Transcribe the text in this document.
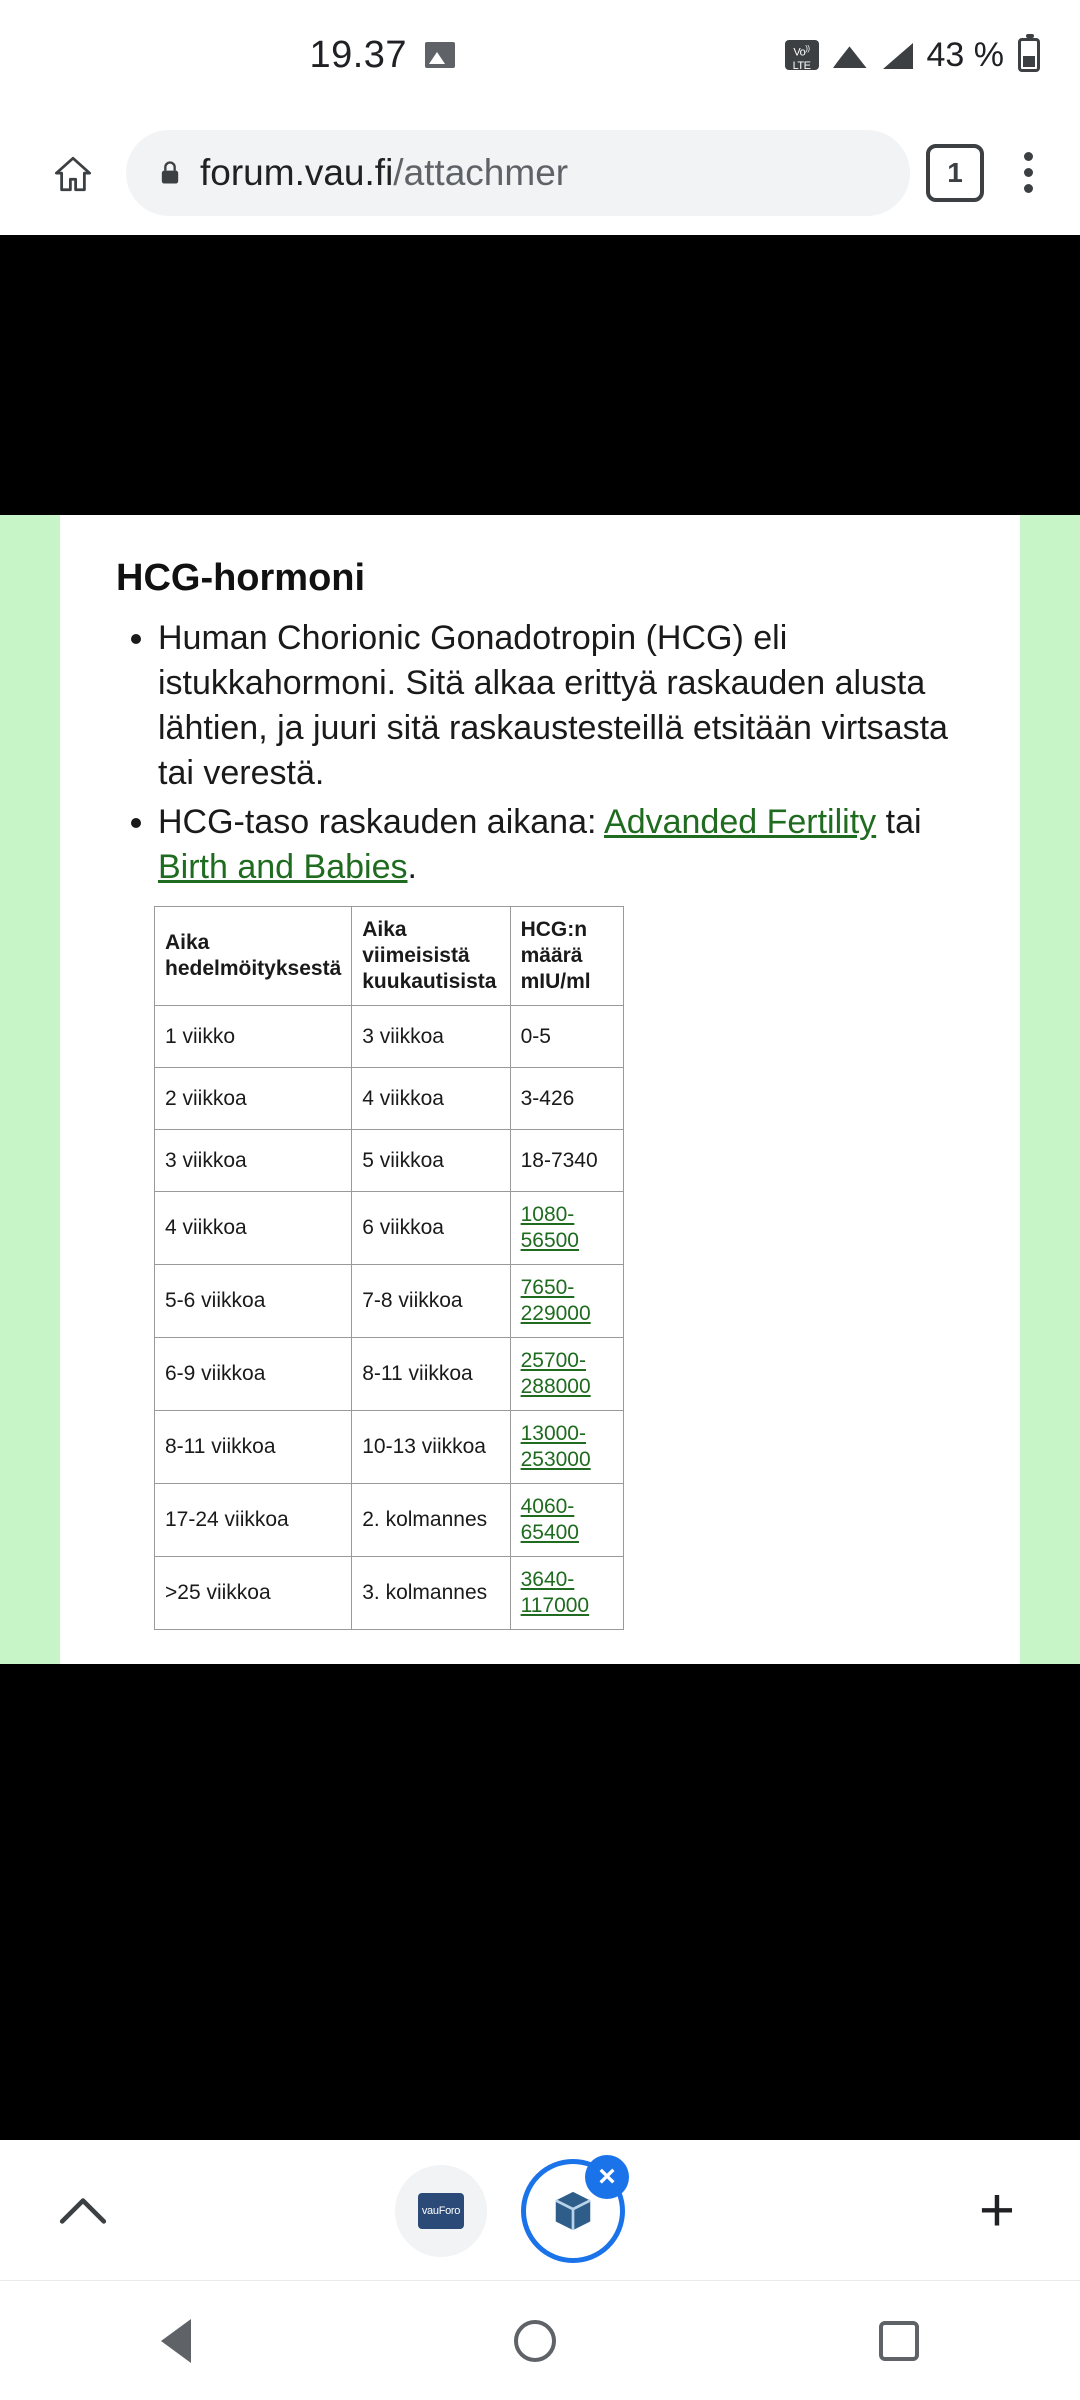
19.37	Vo))
LTE	43 %
forum.vau.fi/attachmer	1
HCG-hormoni
• Human Chorionic Gonadotropin (HCG) eli istukkahormoni. Sitä alkaa erittyä raskauden alusta lähtien, ja juuri sitä raskaustesteillä etsitään virtsasta tai verestä.
• HCG-taso raskauden aikana: Advanded Fertility tai Birth and Babies.
Aika hedelmöityksestä	Aika viimeisistä kuukautisista	HCG:n määrä mIU/ml
1 viikko	3 viikkoa	0-5
2 viikkoa	4 viikkoa	3-426
3 viikkoa	5 viikkoa	18-7340
4 viikkoa	6 viikkoa	1080-56500
5-6 viikkoa	7-8 viikkoa	7650-229000
6-9 viikkoa	8-11 viikkoa	25700-288000
8-11 viikkoa	10-13 viikkoa	13000-253000
17-24 viikkoa	2. kolmannes	4060-65400
>25 viikkoa	3. kolmannes	3640-117000
vauForo
×	+
